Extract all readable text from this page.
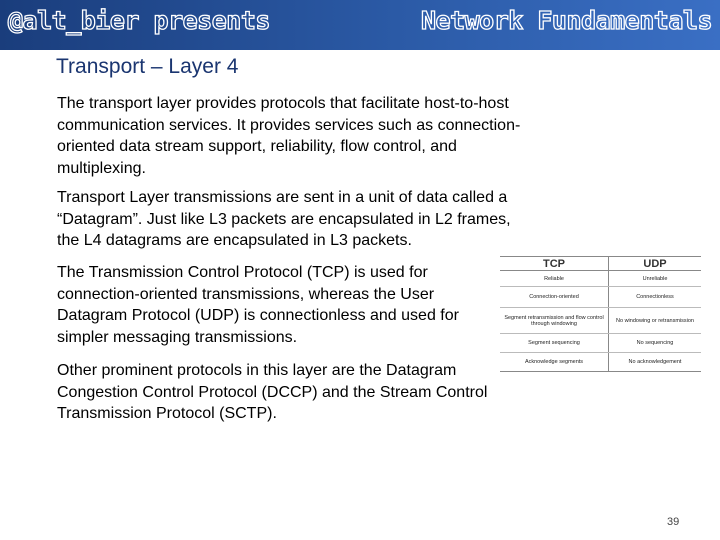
@alt_bier presents	Network Fundamentals
Transport – Layer 4

The transport layer provides protocols that facilitate host-to-host communication services. It provides services such as connection-oriented data stream support, reliability, flow control, and multiplexing.

Transport Layer transmissions are sent in a unit of data called a “Datagram”. Just like L3 packets are encapsulated in L2 frames, the L4 datagrams are encapsulated in L3 packets.

The Transmission Control Protocol (TCP) is used for connection-oriented transmissions, whereas the User Datagram Protocol (UDP) is connectionless and used for simpler messaging transmissions.

Other prominent protocols in this layer are the Datagram Congestion Control Protocol (DCCP) and the Stream Control Transmission Protocol (SCTP).

TCP	UDP
Reliable	Unreliable
Connection-oriented	Connectionless
Segment retransmission and flow control through windowing	No windowing or retransmission
Segment sequencing	No sequencing
Acknowledge segments	No acknowledgement
39
